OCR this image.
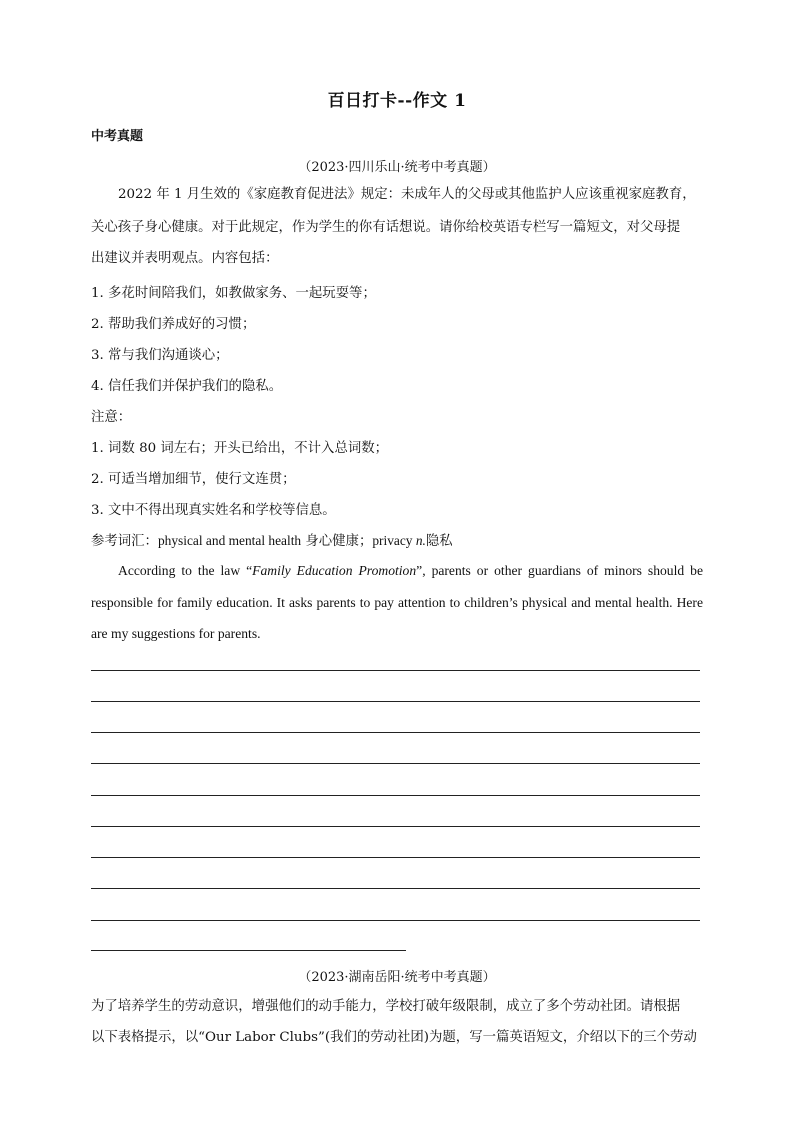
百日打卡--作文 1
中考真题
（2023·四川乐山·统考中考真题）
2022 年 1 月生效的《家庭教育促进法》规定：未成年人的父母或其他监护人应该重视家庭教育，
关心孩子身心健康。对于此规定，作为学生的你有话想说。请你给校英语专栏写一篇短文，对父母提
出建议并表明观点。内容包括：
1. 多花时间陪我们，如教做家务、一起玩耍等；
2. 帮助我们养成好的习惯；
3. 常与我们沟通谈心；
4. 信任我们并保护我们的隐私。
注意：
1. 词数 80 词左右；开头已给出，不计入总词数；
2. 可适当增加细节，使行文连贯；
3. 文中不得出现真实姓名和学校等信息。
参考词汇：physical and mental health 身心健康；privacy n.隐私

According to the law “Family Education Promotion”, parents or other guardians of minors should be responsible for family education. It asks parents to pay attention to children’s physical and mental health. Here are my suggestions for parents.

（2023·湖南岳阳·统考中考真题）
为了培养学生的劳动意识，增强他们的动手能力，学校打破年级限制，成立了多个劳动社团。请根据
以下表格提示，以“Our Labor Clubs”(我们的劳动社团)为题，写一篇英语短文，介绍以下的三个劳动
